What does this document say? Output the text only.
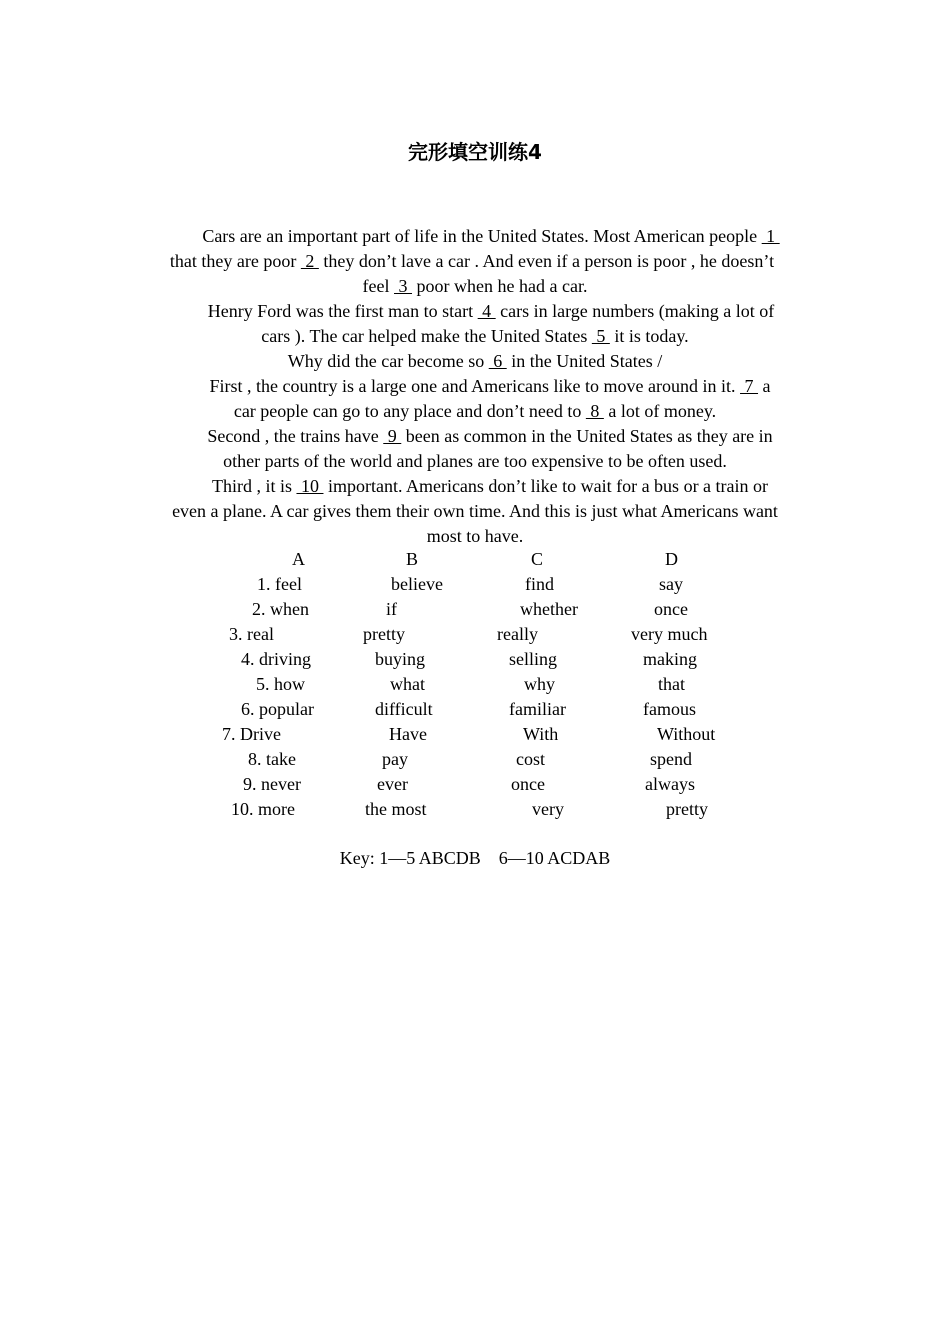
完形填空训练4
Cars are an important part of life in the United States. Most American people  1
that they are poor  2  they don’t lave a car . And even if a person is poor , he doesn’t
feel  3  poor when he had a car.
Henry Ford was the first man to start  4  cars in large numbers (making a lot of
cars ). The car helped make the United States  5  it is today.
Why did the car become so  6  in the United States /
First , the country is a large one and Americans like to move around in it.  7  a
car people can go to any place and don’t need to  8  a lot of money.
Second , the trains have  9  been as common in the United States as they are in
other parts of the world and planes are too expensive to be often used.
Third , it is  10  important. Americans don’t like to wait for a bus or a train or
even a plane. A car gives them their own time. And this is just what Americans want
most to have.
A	B	C	D
1. feel	believe	find	say
2. when	if	whether	once
3. real	pretty	really	very much
4. driving	buying	selling	making
5. how	what	why	that
6. popular	difficult	familiar	famous
7. Drive	Have	With	Without
8. take	pay	cost	spend
9. never	ever	once	always
10. more	the most	very	pretty
Key: 1—5 ABCDB    6—10 ACDAB
